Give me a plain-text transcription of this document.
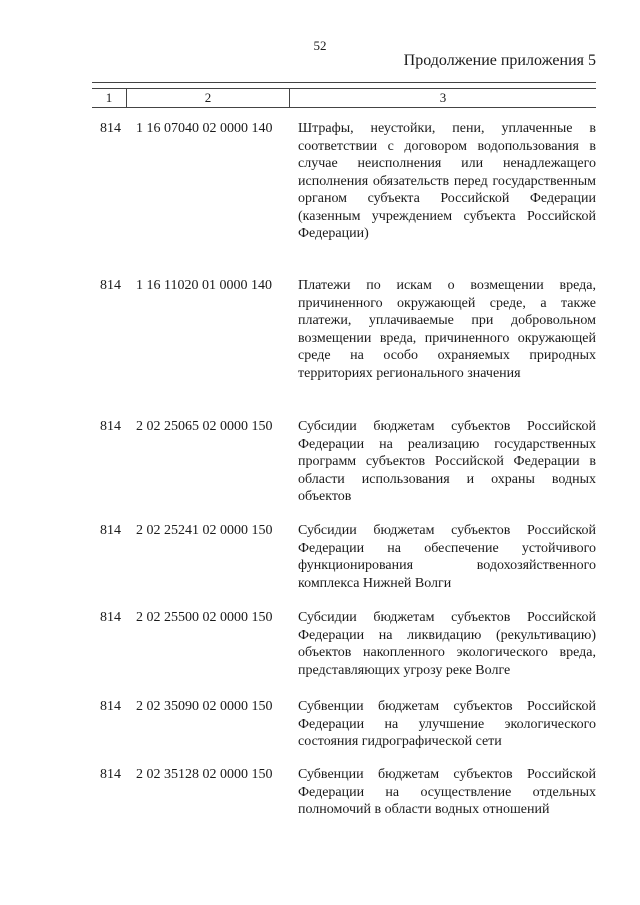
52
Продолжение приложения 5
1	2	3
814	1 16 07040 02 0000 140	Штрафы, неустойки, пени, уплаченные в соответствии с договором водопользования в случае неисполнения или ненадлежащего исполнения обязательств перед государственным органом субъекта Российской Федерации (казенным учреждением субъекта Российской Федерации)
814	1 16 11020 01 0000 140	Платежи по искам о возмещении вреда, причиненного окружающей среде, а также платежи, уплачиваемые при добровольном возмещении вреда, причиненного окружающей среде на особо охраняемых природных территориях регионального значения
814	2 02 25065 02 0000 150	Субсидии бюджетам субъектов Российской Федерации на реализацию государственных программ субъектов Российской Федерации в области использования и охраны водных объектов
814	2 02 25241 02 0000 150	Субсидии бюджетам субъектов Российской Федерации на обеспечение устойчивого функционирования водохозяйственного комплекса Нижней Волги
814	2 02 25500 02 0000 150	Субсидии бюджетам субъектов Российской Федерации на ликвидацию (рекультивацию) объектов накопленного экологического вреда, представляющих угрозу реке Волге
814	2 02 35090 02 0000 150	Субвенции бюджетам субъектов Российской Федерации на улучшение экологического состояния гидрографической сети
814	2 02 35128 02 0000 150	Субвенции бюджетам субъектов Российской Федерации на осуществление отдельных полномочий в области водных отношений
